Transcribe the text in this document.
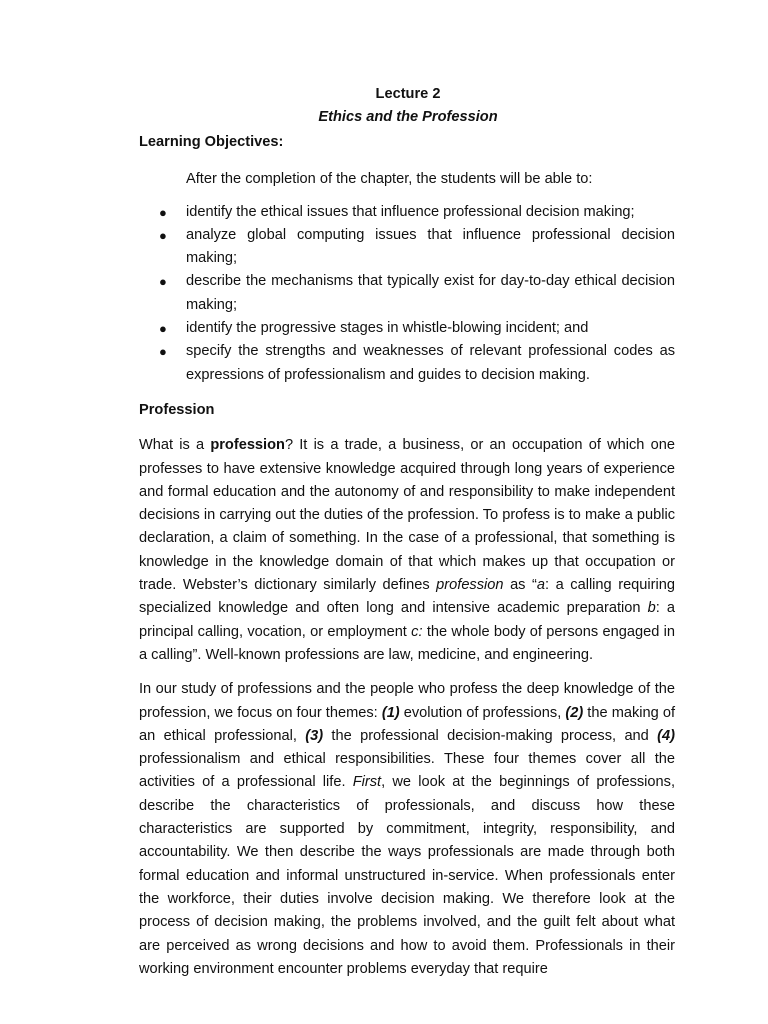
Lecture 2

Ethics and the Profession

Learning Objectives:

After the completion of the chapter, the students will be able to:

● identify the ethical issues that influence professional decision making;
● analyze global computing issues that influence professional decision making;
● describe the mechanisms that typically exist for day-to-day ethical decision making;
● identify the progressive stages in whistle-blowing incident; and
● specify the strengths and weaknesses of relevant professional codes as expressions of professionalism and guides to decision making.

Profession

What is a profession? It is a trade, a business, or an occupation of which one professes to have extensive knowledge acquired through long years of experience and formal education and the autonomy of and responsibility to make independent decisions in carrying out the duties of the profession. To profess is to make a public declaration, a claim of something. In the case of a professional, that something is knowledge in the knowledge domain of that which makes up that occupation or trade. Webster’s dictionary similarly defines profession as “a: a calling requiring specialized knowledge and often long and intensive academic preparation b: a principal calling, vocation, or employment c: the whole body of persons engaged in a calling”. Well-known professions are law, medicine, and engineering.

In our study of professions and the people who profess the deep knowledge of the profession, we focus on four themes: (1) evolution of professions, (2) the making of an ethical professional, (3) the professional decision-making process, and (4) professionalism and ethical responsibilities. These four themes cover all the activities of a professional life. First, we look at the beginnings of professions, describe the characteristics of professionals, and discuss how these characteristics are supported by commitment, integrity, responsibility, and accountability. We then describe the ways professionals are made through both formal education and informal unstructured in-service. When professionals enter the workforce, their duties involve decision making. We therefore look at the process of decision making, the problems involved, and the guilt felt about what are perceived as wrong decisions and how to avoid them. Professionals in their working environment encounter problems everyday that require
